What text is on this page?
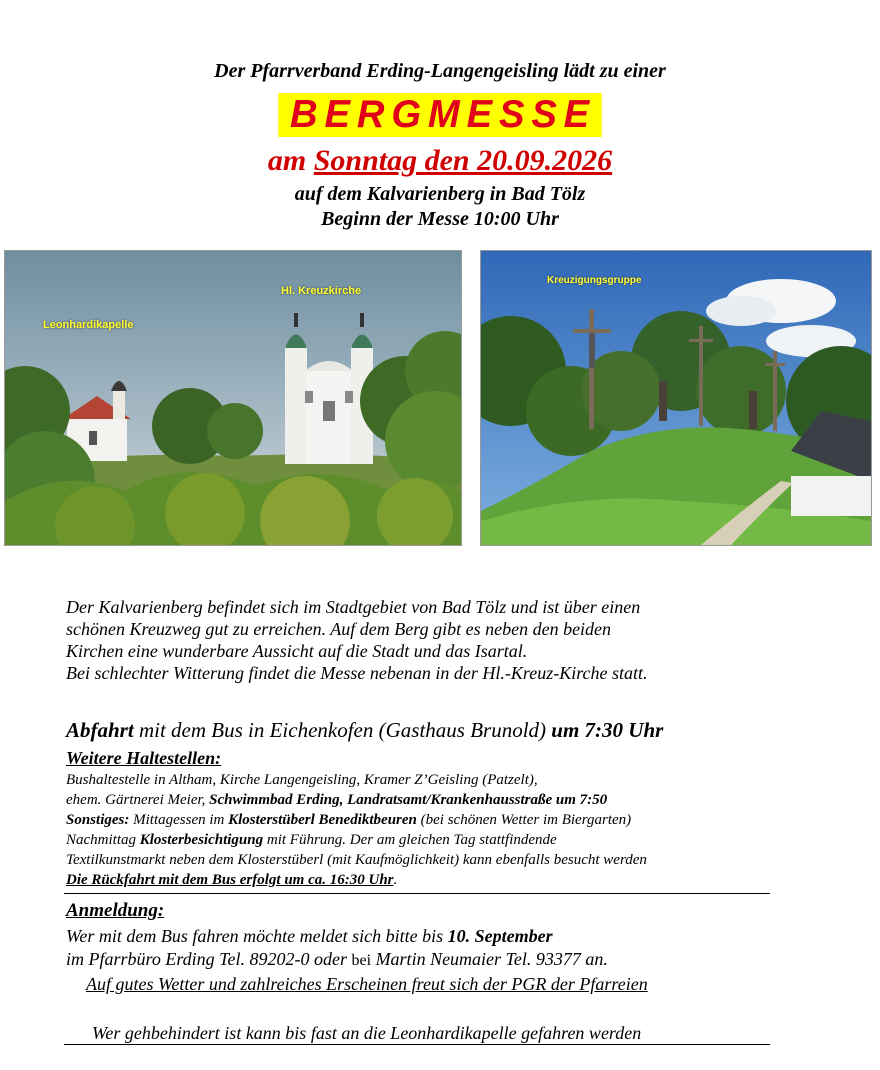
Der Pfarrverband Erding-Langengeisling lädt zu einer
BERGMESSE
am Sonntag den 20.09.2026
auf dem Kalvarienberg in Bad Tölz
Beginn der Messe 10:00 Uhr
Leonhardikapelle
Hl. Kreuzkirche
Kreuzigungsgruppe
Der Kalvarienberg befindet sich im Stadtgebiet von Bad Tölz und ist über einen
schönen Kreuzweg gut zu erreichen. Auf dem Berg gibt es neben den beiden
Kirchen eine wunderbare Aussicht auf die Stadt und das Isartal.
Bei schlechter Witterung findet die Messe nebenan in der Hl.-Kreuz-Kirche statt.
Abfahrt mit dem Bus in Eichenkofen (Gasthaus Brunold) um 7:30 Uhr
Weitere Haltestellen:
Bushaltestelle in Altham, Kirche Langengeisling, Kramer Z’Geisling (Patzelt),
ehem. Gärtnerei Meier, Schwimmbad Erding, Landratsamt/Krankenhausstraße um 7:50
Sonstiges: Mittagessen im Klosterstüberl Benediktbeuren (bei schönen Wetter im Biergarten)
Nachmittag Klosterbesichtigung mit Führung. Der am gleichen Tag stattfindende
Textilkunstmarkt neben dem Klosterstüberl (mit Kaufmöglichkeit) kann ebenfalls besucht werden
Die Rückfahrt mit dem Bus erfolgt um ca. 16:30 Uhr.
Anmeldung:
Wer mit dem Bus fahren möchte meldet sich bitte bis 10. September
im Pfarrbüro Erding Tel. 89202-0 oder bei Martin Neumaier Tel. 93377 an.
Auf gutes Wetter und zahlreiches Erscheinen freut sich der PGR der Pfarreien
Wer gehbehindert ist kann bis fast an die Leonhardikapelle gefahren werden
